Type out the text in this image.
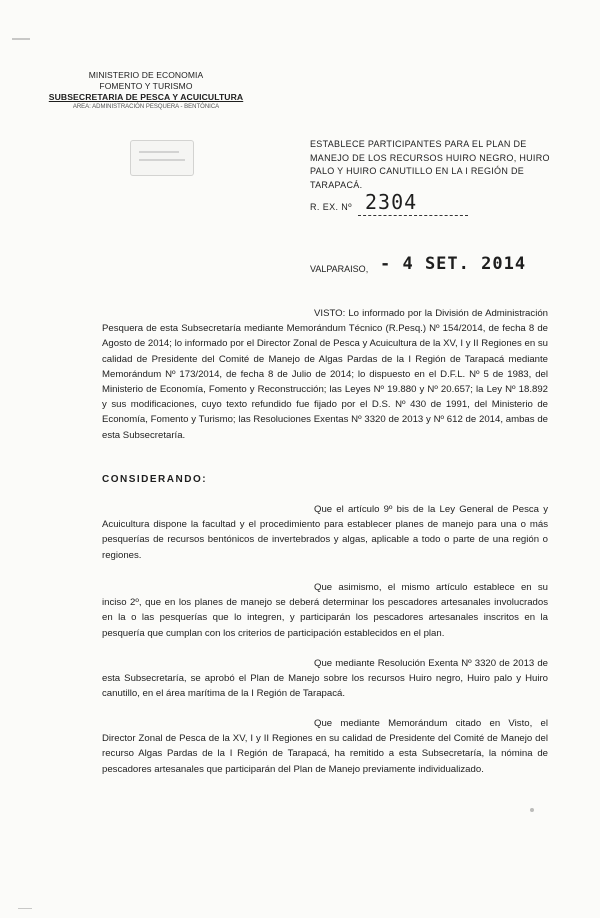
MINISTERIO DE ECONOMIA
FOMENTO Y TURISMO
SUBSECRETARIA DE PESCA Y ACUICULTURA
AREA: ADMINISTRACIÓN PESQUERA - BENTÓNICA
ESTABLECE PARTICIPANTES PARA EL PLAN DE MANEJO DE LOS RECURSOS HUIRO NEGRO, HUIRO PALO Y HUIRO CANUTILLO EN LA I REGIÓN DE TARAPACÁ.
R. EX. Nº 2304
VALPARAISO, - 4 SET. 2014
VISTO: Lo informado por la División de Administración Pesquera de esta Subsecretaría mediante Memorándum Técnico (R.Pesq.) Nº 154/2014, de fecha 8 de Agosto de 2014; lo informado por el Director Zonal de Pesca y Acuicultura de la XV, I y II Regiones en su calidad de Presidente del Comité de Manejo de Algas Pardas de la I Región de Tarapacá mediante Memorándum Nº 173/2014, de fecha 8 de Julio de 2014; lo dispuesto en el D.F.L. Nº 5 de 1983, del Ministerio de Economía, Fomento y Reconstrucción; las Leyes Nº 19.880 y Nº 20.657; la Ley Nº 18.892 y sus modificaciones, cuyo texto refundido fue fijado por el D.S. Nº 430 de 1991, del Ministerio de Economía, Fomento y Turismo; las Resoluciones Exentas Nº 3320 de 2013 y Nº 612 de 2014, ambas de esta Subsecretaría.
CONSIDERANDO:
Que el artículo 9º bis de la Ley General de Pesca y Acuicultura dispone la facultad y el procedimiento para establecer planes de manejo para una o más pesquerías de recursos bentónicos de invertebrados y algas, aplicable a todo o parte de una región o regiones.
Que asimismo, el mismo artículo establece en su inciso 2º, que en los planes de manejo se deberá determinar los pescadores artesanales involucrados en la o las pesquerías que lo integren, y participarán los pescadores artesanales inscritos en la pesquería que cumplan con los criterios de participación establecidos en el plan.
Que mediante Resolución Exenta Nº 3320 de 2013 de esta Subsecretaría, se aprobó el Plan de Manejo sobre los recursos Huiro negro, Huiro palo y Huiro canutillo, en el área marítima de la I Región de Tarapacá.
Que mediante Memorándum citado en Visto, el Director Zonal de Pesca de la XV, I y II Regiones en su calidad de Presidente del Comité de Manejo del recurso Algas Pardas de la I Región de Tarapacá, ha remitido a esta Subsecretaría, la nómina de pescadores artesanales que participarán del Plan de Manejo previamente individualizado.
